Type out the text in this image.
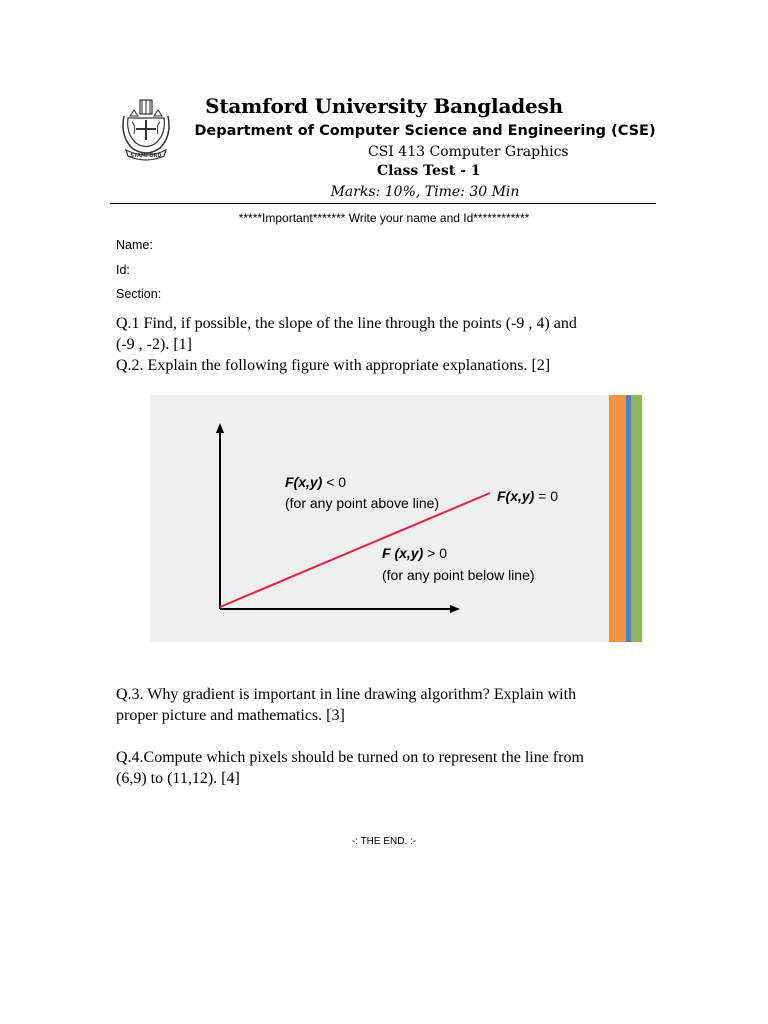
STAMFORD
Stamford University Bangladesh
Department of Computer Science and Engineering (CSE)
CSI 413 Computer Graphics
Class Test - 1
Marks: 10%, Time: 30 Min
*****Important******* Write your name and Id************
Name:
Id:
Section:
Q.1 Find, if possible, the slope of the line through the points (-9 , 4) and
(-9 , -2). [1]
Q.2. Explain the following figure with appropriate explanations. [2]
F(x,y) < 0
(for any point above line)	F(x,y) = 0
F (x,y) > 0
(for any point below line)
Q.3. Why gradient is important in line drawing algorithm? Explain with
proper picture and mathematics. [3]
Q.4.Compute which pixels should be turned on to represent the line from
(6,9) to (11,12). [4]
-: THE END. :-
